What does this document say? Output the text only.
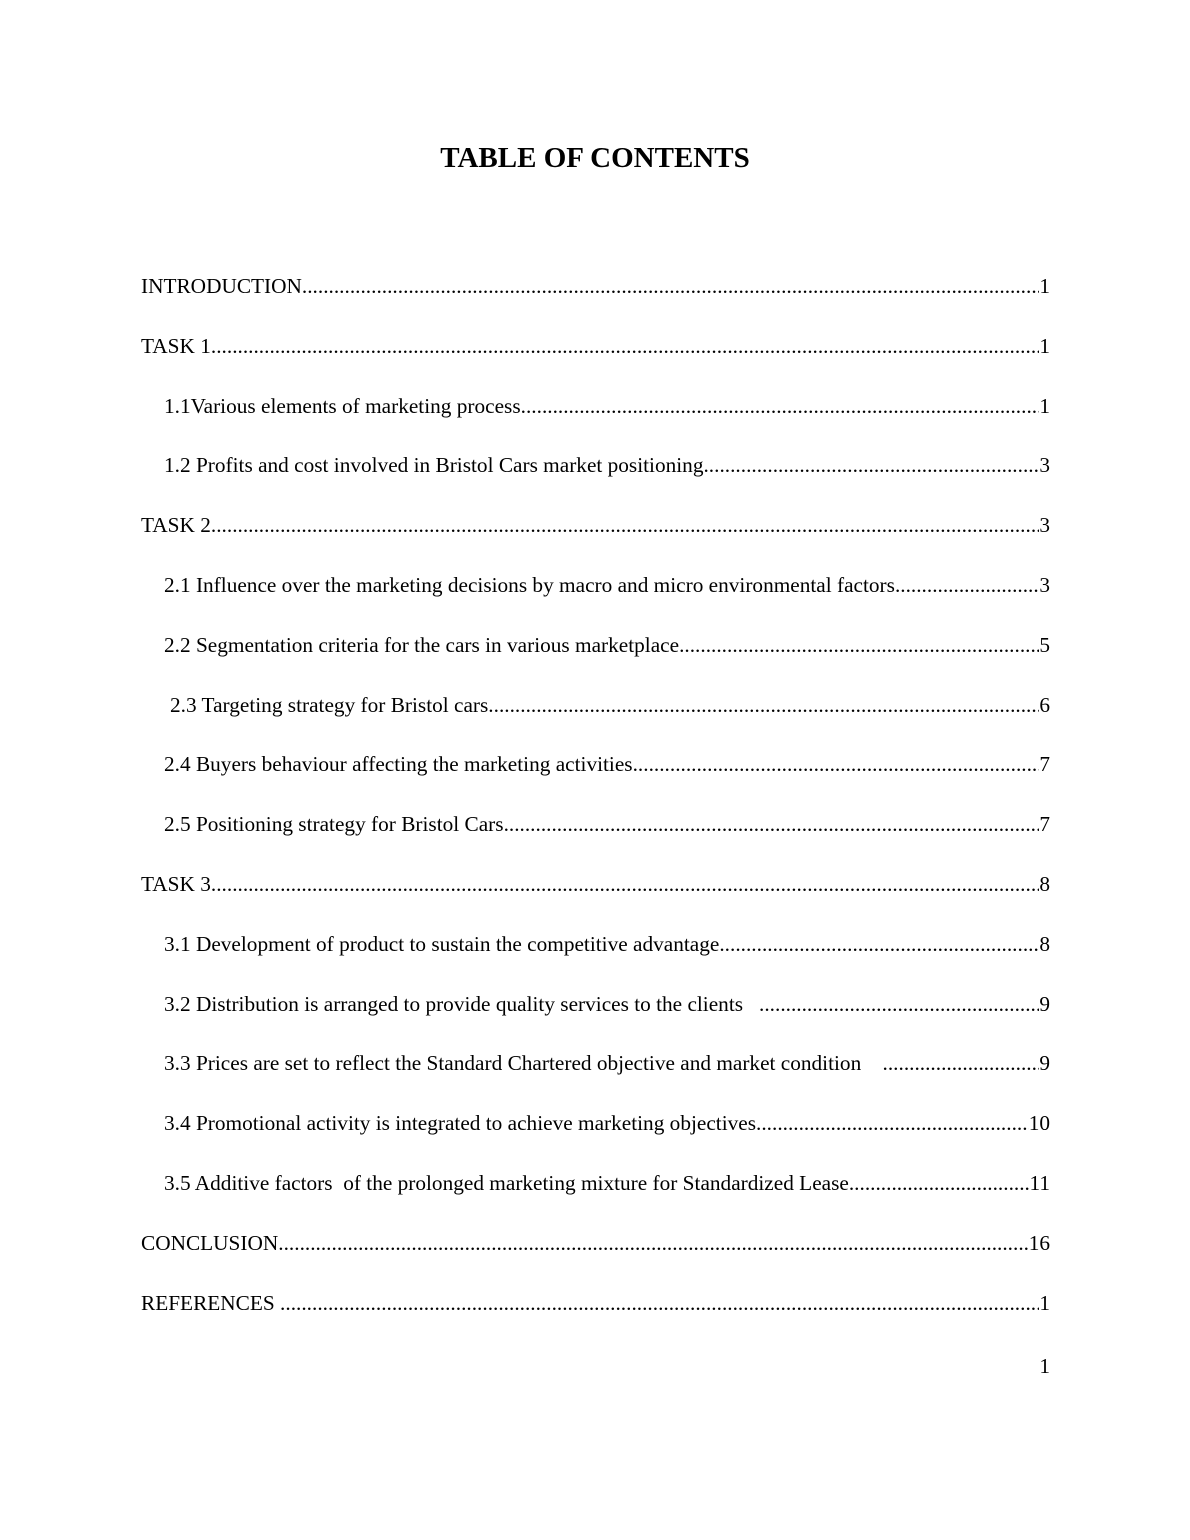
TABLE OF CONTENTS
INTRODUCTION .....	1
TASK 1 .....	1
1.1Various elements of marketing process .....	1
1.2 Profits and cost involved in Bristol Cars market positioning .....	3
TASK 2 .....	3
2.1 Influence over the marketing decisions by macro and micro environmental factors .....	3
2.2 Segmentation criteria for the cars in various marketplace .....	5
2.3 Targeting strategy for Bristol cars .....	6
2.4 Buyers behaviour affecting the marketing activities .....	7
2.5 Positioning strategy for Bristol Cars .....	7
TASK 3 .....	8
3.1 Development of product to sustain the competitive advantage .....	8
3.2 Distribution is arranged to provide quality services to the clients .....	9
3.3 Prices are set to reflect the Standard Chartered objective and market condition .....	9
3.4 Promotional activity is integrated to achieve marketing objectives .....	10
3.5 Additive factors  of the prolonged marketing mixture for Standardized Lease .....	11
CONCLUSION .....	16
REFERENCES .....	1
1
